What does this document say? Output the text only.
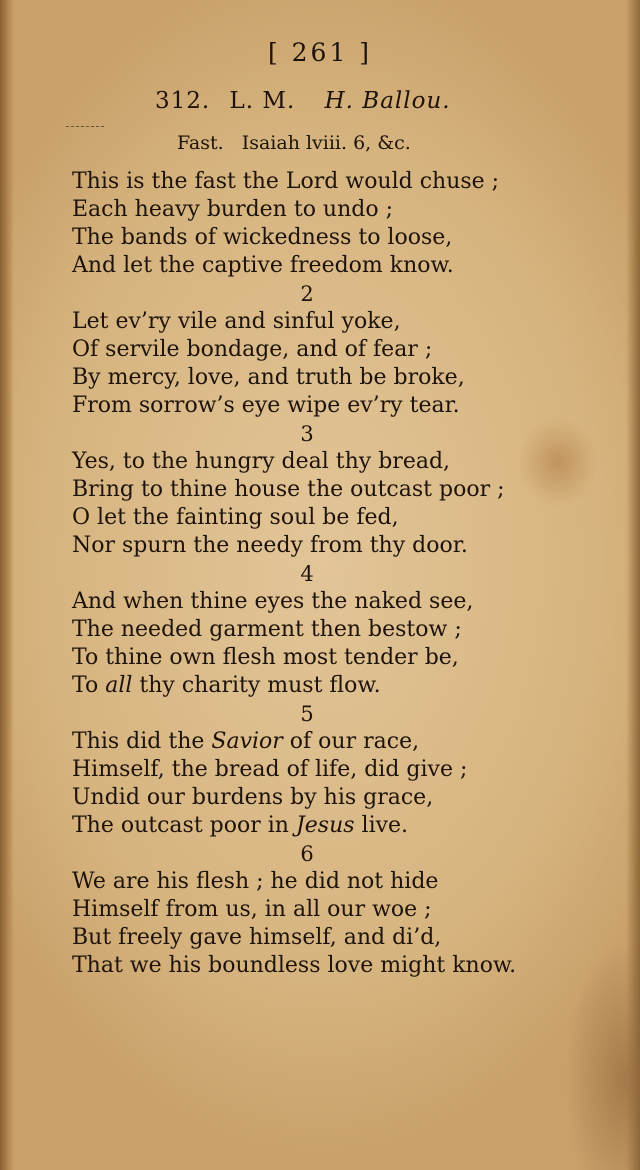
[ 261 ]
312. L. M. H. Ballou.
Fast. Isaiah lviii. 6, &c.
This is the fast the Lord would chuse ;
Each heavy burden to undo ;
The bands of wickedness to loose,
And let the captive freedom know.
2
Let ev’ry vile and sinful yoke,
Of servile bondage, and of fear ;
By mercy, love, and truth be broke,
From sorrow’s eye wipe ev’ry tear.
3
Yes, to the hungry deal thy bread,
Bring to thine house the outcast poor ;
O let the fainting soul be fed,
Nor spurn the needy from thy door.
4
And when thine eyes the naked see,
The needed garment then bestow ;
To thine own flesh most tender be,
To all thy charity must flow.
5
This did the Savior of our race,
Himself, the bread of life, did give ;
Undid our burdens by his grace,
The outcast poor in Jesus live.
6
We are his flesh ; he did not hide
Himself from us, in all our woe ;
But freely gave himself, and di’d,
That we his boundless love might know.
